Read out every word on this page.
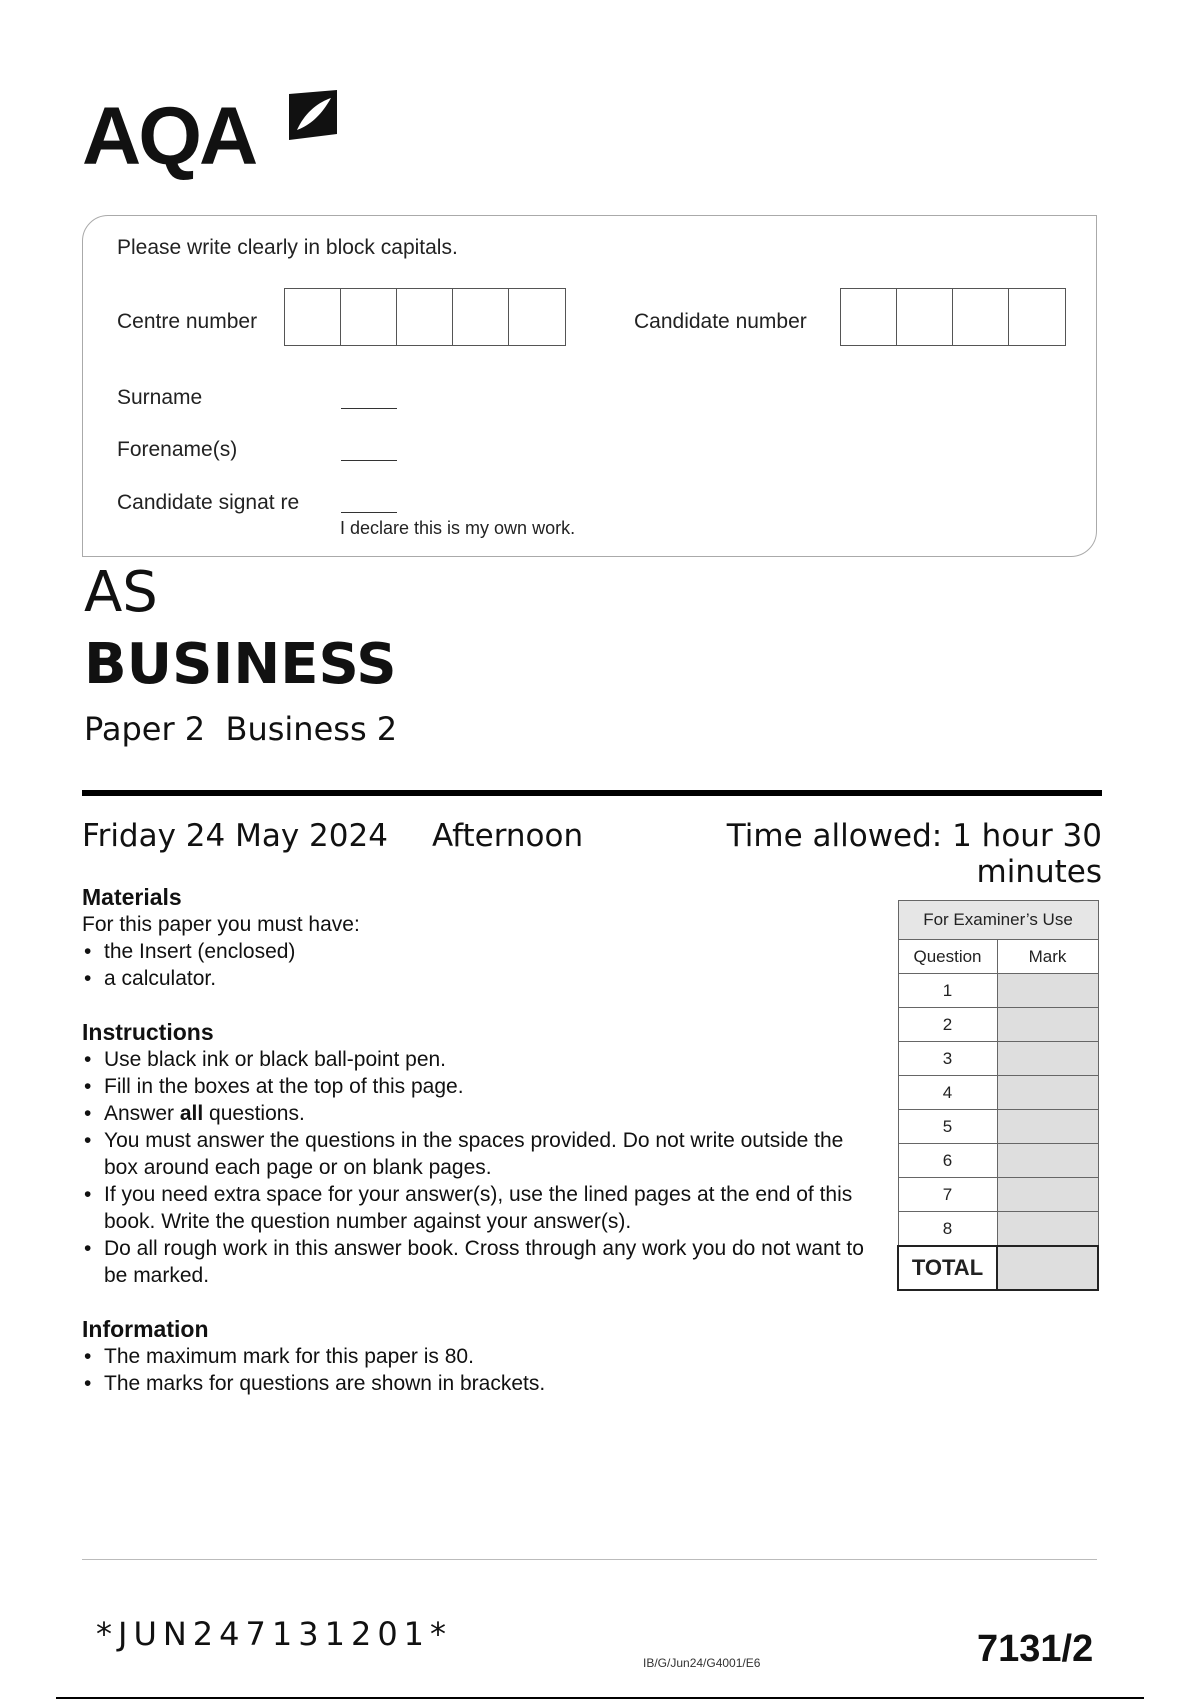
AQA
Please write clearly in block capitals.
Centre number	Candidate number
Surname
Forename(s)
Candidate signat re
I declare this is my own work.
AS
BUSINESS
Paper 2  Business 2
Friday 24 May 2024 Afternoon	Time allowed: 1 hour 30 minutes
Materials
For this paper you must have:
• the Insert (enclosed)
• a calculator.
Instructions
• Use black ink or black ball-point pen.
• Fill in the boxes at the top of this page.
• Answer all questions.
• You must answer the questions in the spaces provided. Do not write outside the box around each page or on blank pages.
• If you need extra space for your answer(s), use the lined pages at the end of this book. Write the question number against your answer(s).
• Do all rough work in this answer book. Cross through any work you do not want to be marked.
Information
• The maximum mark for this paper is 80.
• The marks for questions are shown in brackets.
For Examiner’s Use	
Question	Mark
1	
2	
3	
4	
5	
6	
7	
8	
TOTAL	
*JUN247131201*
IB/G/Jun24/G4001/E6	7131/2
